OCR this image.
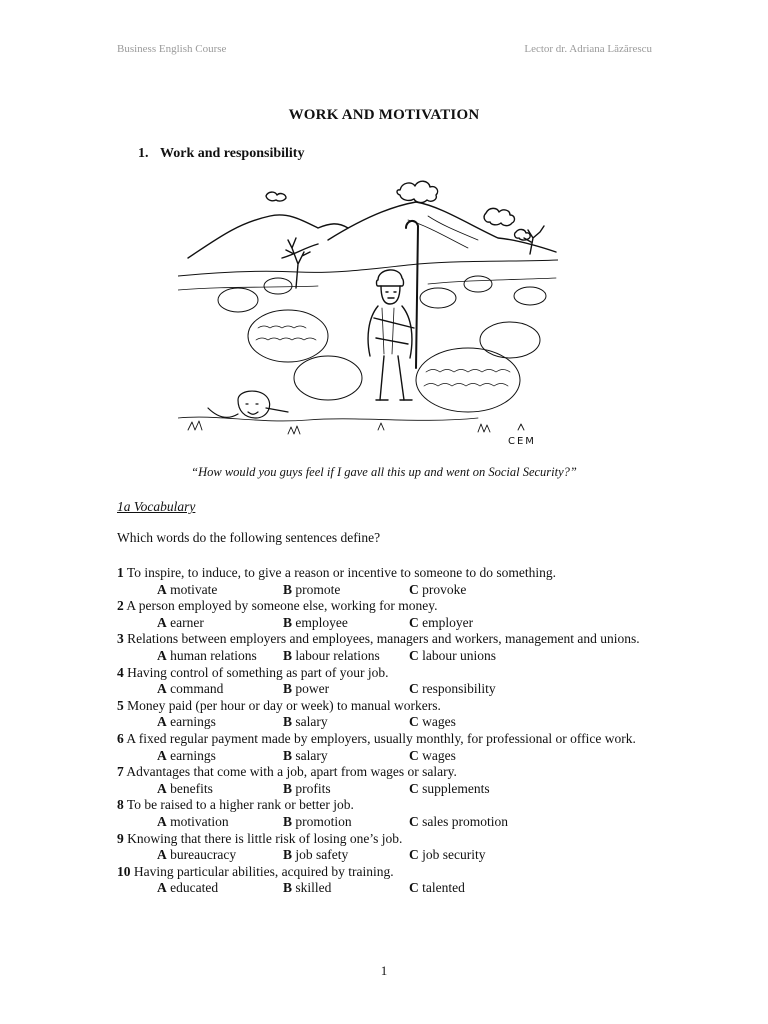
Business English Course	Lector dr. Adriana Lăzărescu
WORK AND MOTIVATION
1. Work and responsibility
CEM
“How would you guys feel if I gave all this up and went on Social Security?”
1a Vocabulary
Which words do the following sentences define?
1 To inspire, to induce, to give a reason or incentive to someone to do something.
A motivate	B promote	C provoke
2 A person employed by someone else, working for money.
A earner	B employee	C employer
3 Relations between employers and employees, managers and workers, management and unions.
A human relations B labour relations C labour unions
4 Having control of something as part of your job.
A command	B power	C responsibility
5 Money paid (per hour or day or week) to manual workers.
A earnings	B salary	C wages
6 A fixed regular payment made by employers, usually monthly, for professional or office work.
A earnings	B salary	C wages
7 Advantages that come with a job, apart from wages or salary.
A benefits	B profits	C supplements
8 To be raised to a higher rank or better job.
A motivation	B promotion	C sales promotion
9 Knowing that there is little risk of losing one’s job.
A bureaucracy	B job safety	C job security
10 Having particular abilities, acquired by training.
A educated	B skilled	C talented
1
